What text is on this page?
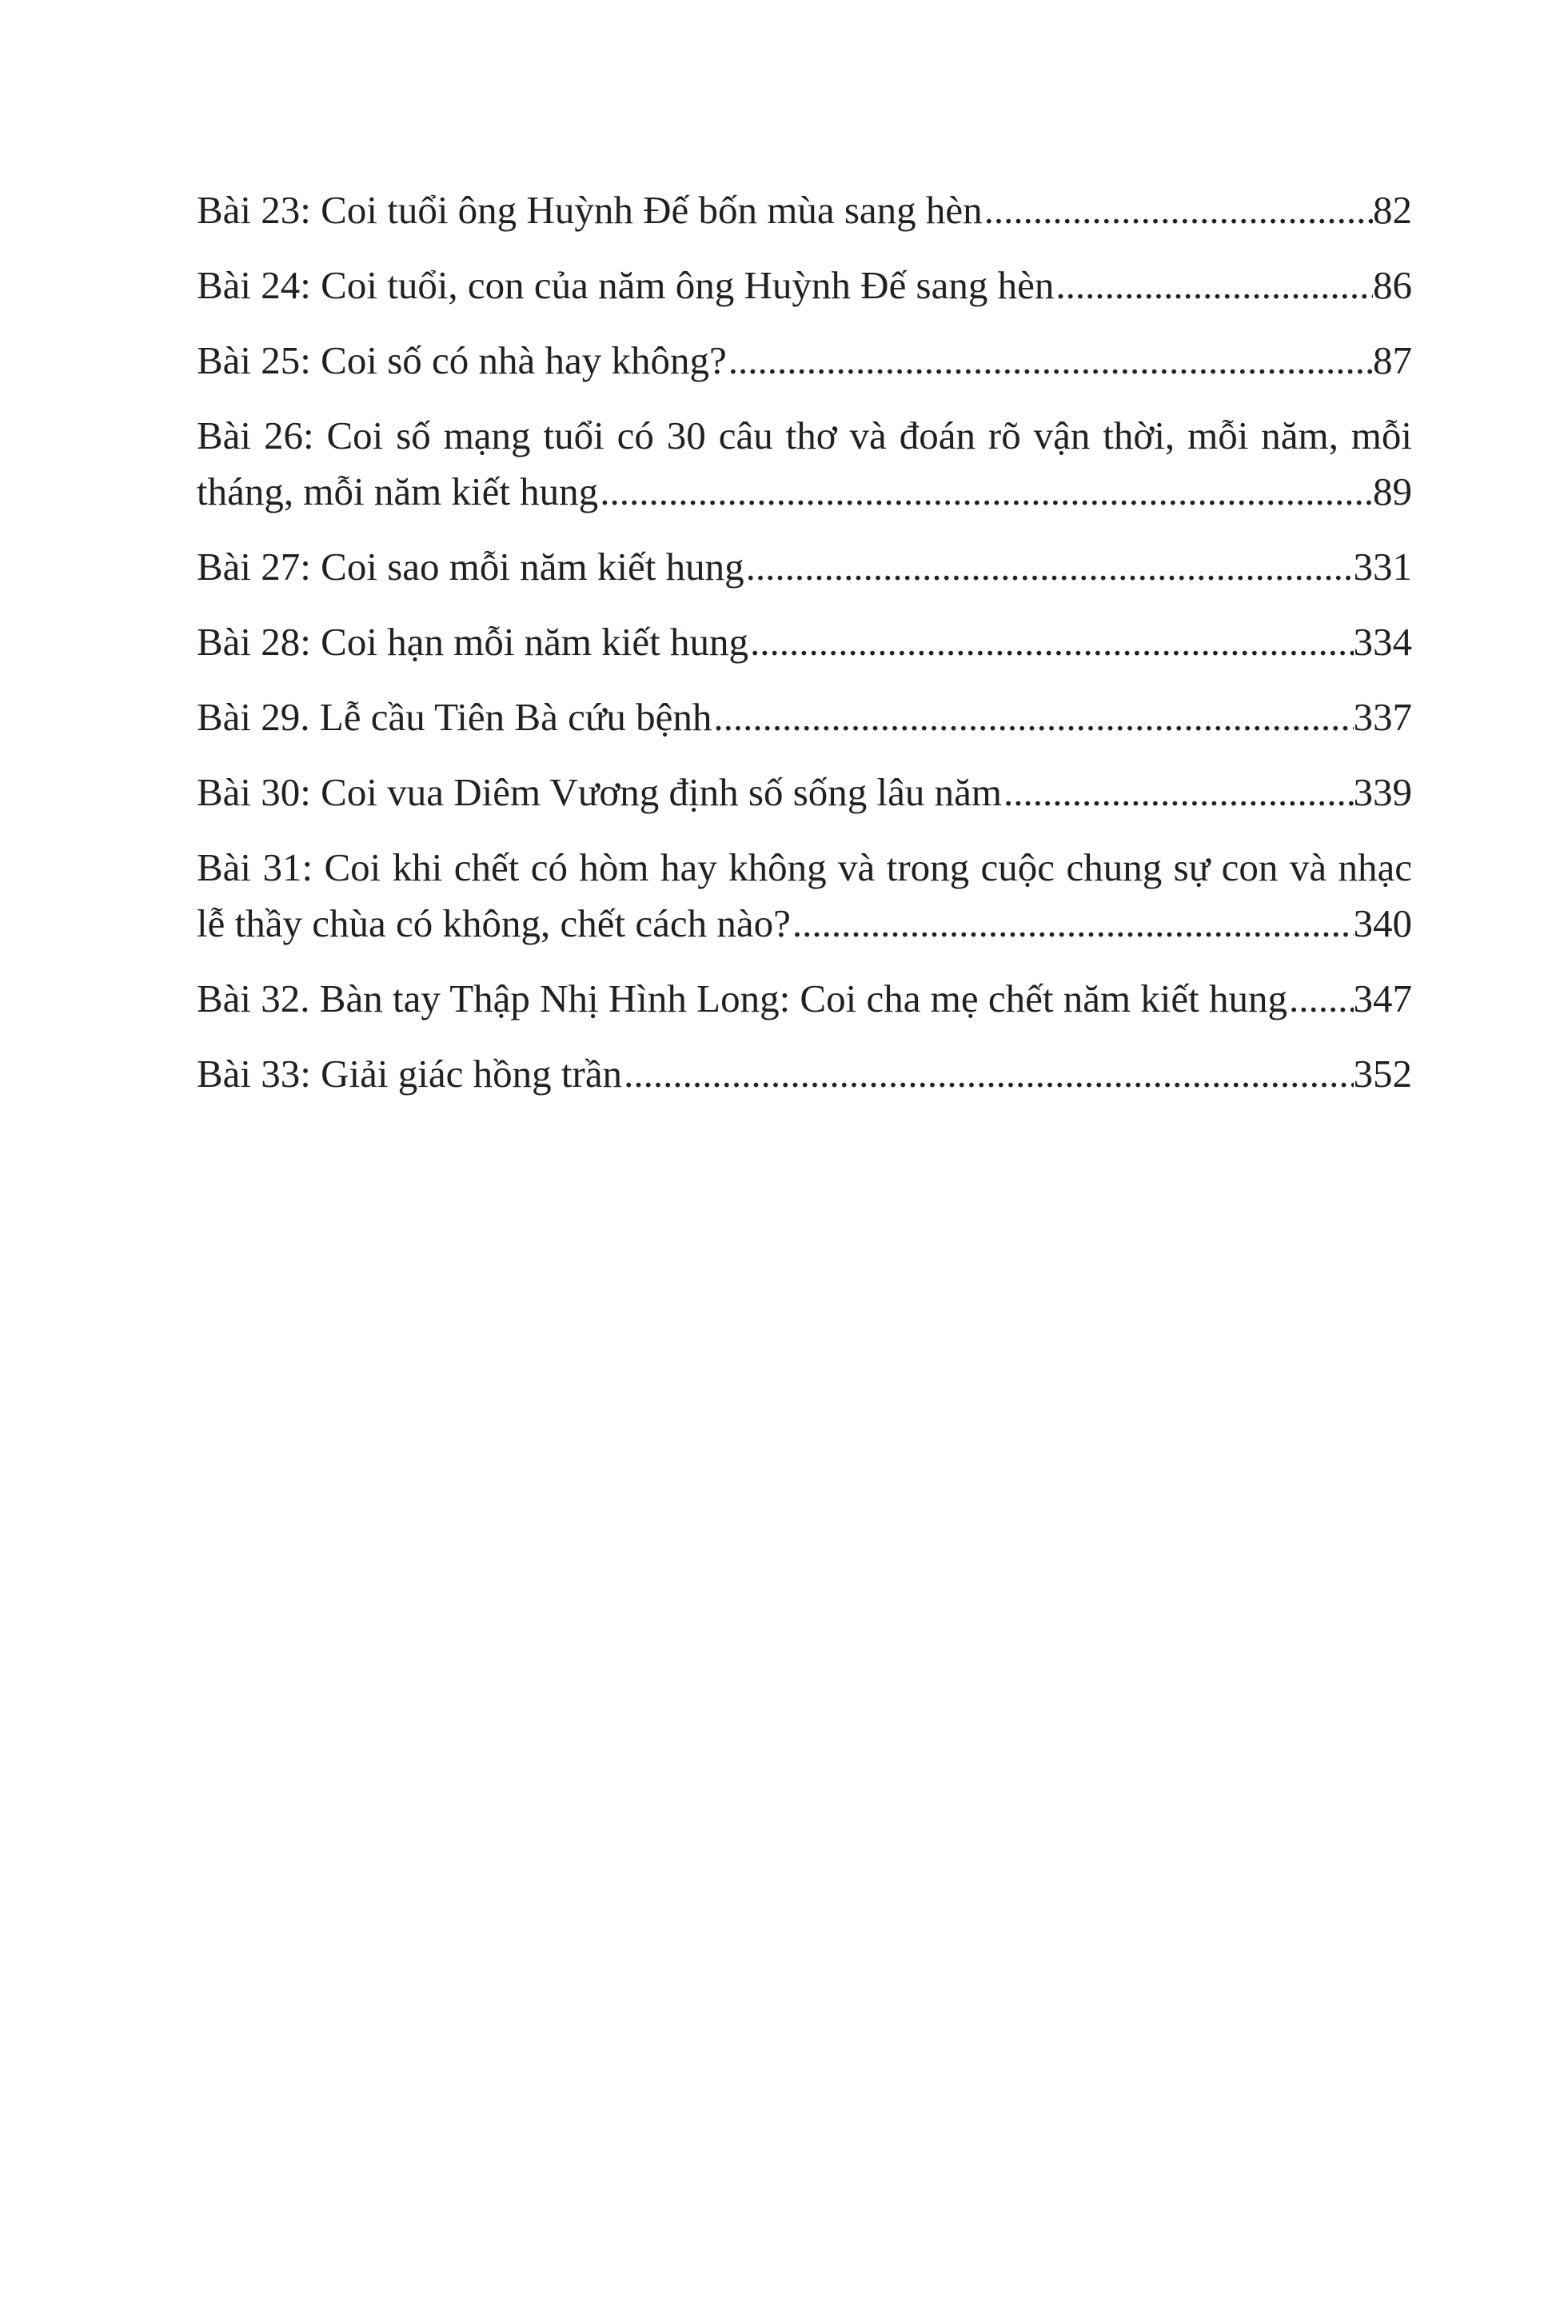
Bài 23: Coi tuổi ông Huỳnh Đế bốn mùa sang hèn .....	82
Bài 24: Coi tuổi, con của năm ông Huỳnh Đế sang hèn .....	86
Bài 25: Coi số có nhà hay không? .....	87
Bài 26: Coi số mạng tuổi có 30 câu thơ và đoán rõ vận thời, mỗi năm, mỗi
tháng, mỗi năm kiết hung .....	89
Bài 27: Coi sao mỗi năm kiết hung .....	331
Bài 28: Coi hạn mỗi năm kiết hung .....	334
Bài 29. Lễ cầu Tiên Bà cứu bệnh .....	337
Bài 30: Coi vua Diêm Vương định số sống lâu năm .....	339
Bài 31: Coi khi chết có hòm hay không và trong cuộc chung sự con và nhạc
lễ thầy chùa có không, chết cách nào? .....	340
Bài 32. Bàn tay Thập Nhị Hình Long: Coi cha mẹ chết năm kiết hung ..... 347
Bài 33: Giải giác hồng trần .....	352
